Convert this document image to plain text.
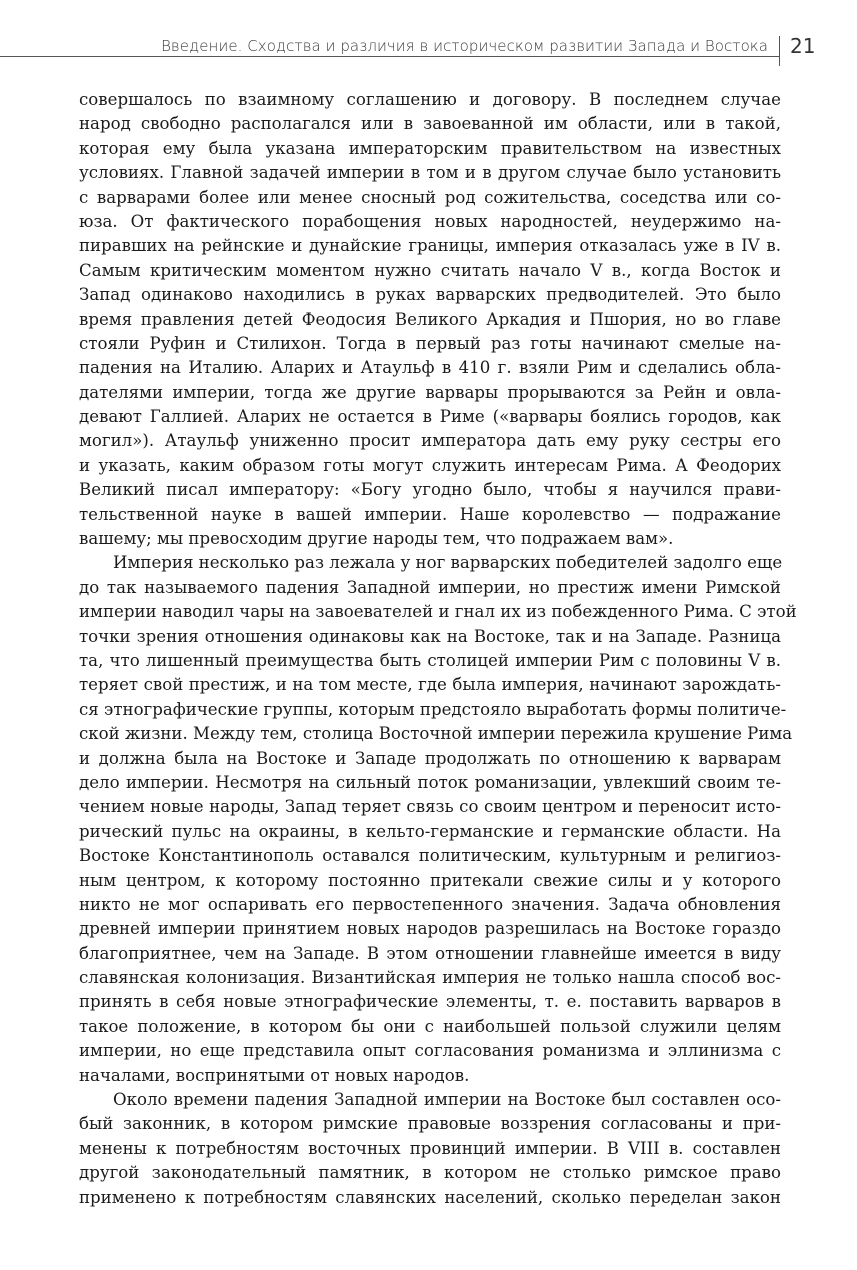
Введение. Сходства и различия в историческом развитии Запада и Востока 21
совершалось по взаимному соглашению и договору. В последнем случае
народ свободно располагался или в завоеванной им области, или в такой,
которая ему была указана императорским правительством на известных
условиях. Главной задачей империи в том и в другом случае было установить
с варварами более или менее сносный род сожительства, соседства или со-
юза. От фактического порабощения новых народностей, неудержимо на-
пиравших на рейнские и дунайские границы, империя отказалась уже в IV в.
Самым критическим моментом нужно считать начало V в., когда Восток и
Запад одинаково находились в руках варварских предводителей. Это было
время правления детей Феодосия Великого Аркадия и Пшория, но во главе
стояли Руфин и Стилихон. Тогда в первый раз готы начинают смелые на-
падения на Италию. Аларих и Атаульф в 410 г. взяли Рим и сделались обла-
дателями империи, тогда же другие варвары прорываются за Рейн и овла-
девают Галлией. Аларих не остается в Риме («варвары боялись городов, как
могил»). Атаульф униженно просит императора дать ему руку сестры его
и указать, каким образом готы могут служить интересам Рима. А Феодорих
Великий писал императору: «Богу угодно было, чтобы я научился прави-
тельственной науке в вашей империи. Наше королевство — подражание
вашему; мы превосходим другие народы тем, что подражаем вам».
Империя несколько раз лежала у ног варварских победителей задолго еще
до так называемого падения Западной империи, но престиж имени Римской
империи наводил чары на завоевателей и гнал их из побежденного Рима. С этой
точки зрения отношения одинаковы как на Востоке, так и на Западе. Разница
та, что лишенный преимущества быть столицей империи Рим с половины V в.
теряет свой престиж, и на том месте, где была империя, начинают зарождать-
ся этнографические группы, которым предстояло выработать формы политиче-
ской жизни. Между тем, столица Восточной империи пережила крушение Рима
и должна была на Востоке и Западе продолжать по отношению к варварам
дело империи. Несмотря на сильный поток романизации, увлекший своим те-
чением новые народы, Запад теряет связь со своим центром и переносит исто-
рический пульс на окраины, в кельто-германские и германские области. На
Востоке Константинополь оставался политическим, культурным и религиоз-
ным центром, к которому постоянно притекали свежие силы и у которого
никто не мог оспаривать его первостепенного значения. Задача обновления
древней империи принятием новых народов разрешилась на Востоке гораздо
благоприятнее, чем на Западе. В этом отношении главнейше имеется в виду
славянская колонизация. Византийская империя не только нашла способ вос-
принять в себя новые этнографические элементы, т. е. поставить варваров в
такое положение, в котором бы они с наибольшей пользой служили целям
империи, но еще представила опыт согласования романизма и эллинизма с
началами, воспринятыми от новых народов.
Около времени падения Западной империи на Востоке был составлен осо-
бый законник, в котором римские правовые воззрения согласованы и при-
менены к потребностям восточных провинций империи. В VIII в. составлен
другой законодательный памятник, в котором не столько римское право
применено к потребностям славянских населений, сколько переделан закон
